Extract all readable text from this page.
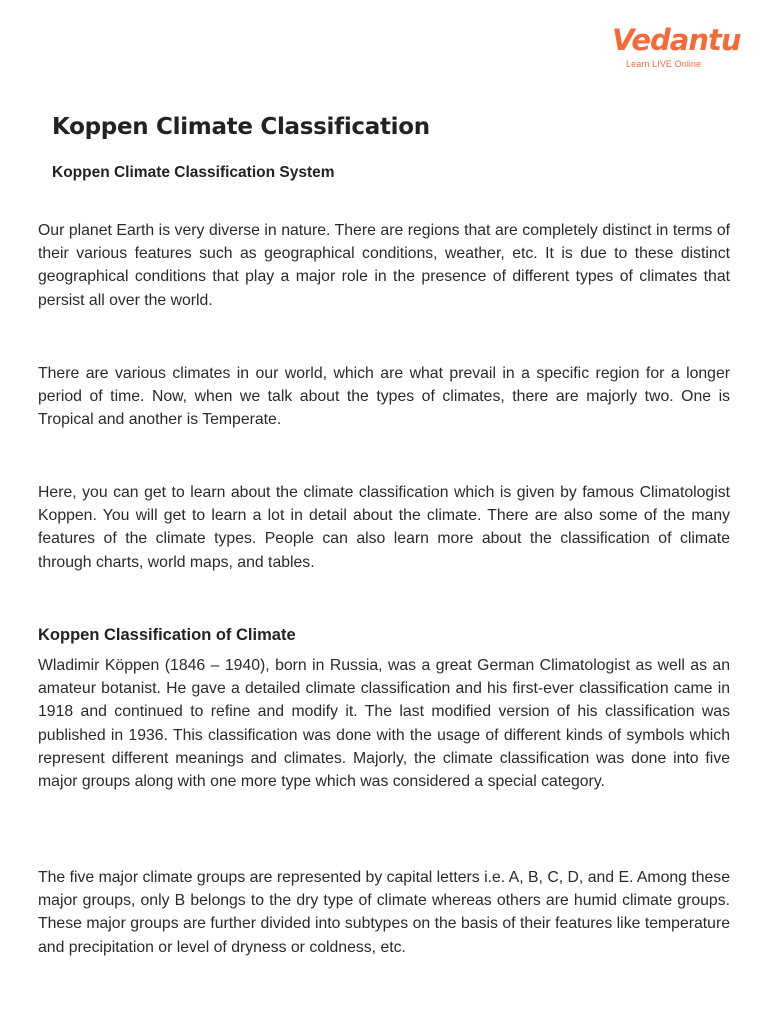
Vedantu
Learn LIVE Online
Koppen Climate Classification
Koppen Climate Classification System

Our planet Earth is very diverse in nature. There are regions that are completely distinct in terms of their various features such as geographical conditions, weather, etc. It is due to these distinct geographical conditions that play a major role in the presence of different types of climates that persist all over the world.

There are various climates in our world, which are what prevail in a specific region for a longer period of time. Now, when we talk about the types of climates, there are majorly two. One is Tropical and another is Temperate.

Here, you can get to learn about the climate classification which is given by famous Climatologist Koppen. You will get to learn a lot in detail about the climate. There are also some of the many features of the climate types. People can also learn more about the classification of climate through charts, world maps, and tables.

Koppen Classification of Climate

Wladimir Köppen (1846 – 1940), born in Russia, was a great German Climatologist as well as an amateur botanist. He gave a detailed climate classification and his first-ever classification came in 1918 and continued to refine and modify it. The last modified version of his classification was published in 1936. This classification was done with the usage of different kinds of symbols which represent different meanings and climates. Majorly, the climate classification was done into five major groups along with one more type which was considered a special category.

The five major climate groups are represented by capital letters i.e. A, B, C, D, and E. Among these major groups, only B belongs to the dry type of climate whereas others are humid climate groups. These major groups are further divided into subtypes on the basis of their features like temperature and precipitation or level of dryness or coldness, etc.
